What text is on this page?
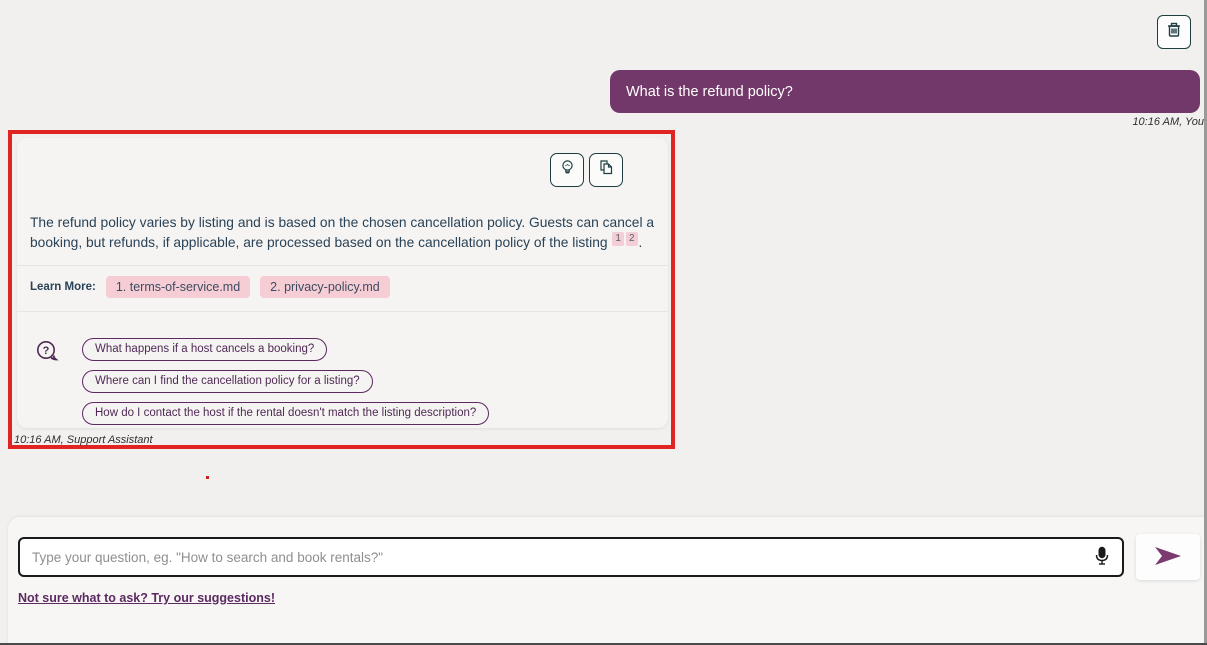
What is the refund policy?
10:16 AM, You
The refund policy varies by listing and is based on the chosen cancellation policy. Guests can cancel a booking, but refunds, if applicable, are processed based on the cancellation policy of the listing 1 2 .
Learn More:	1. terms-of-service.md	2. privacy-policy.md
?	What happens if a host cancels a booking?
Where can I find the cancellation policy for a listing?
How do I contact the host if the rental doesn't match the listing description?
10:16 AM, Support Assistant
Type your question, eg. "How to search and book rentals?"
Not sure what to ask? Try our suggestions!
